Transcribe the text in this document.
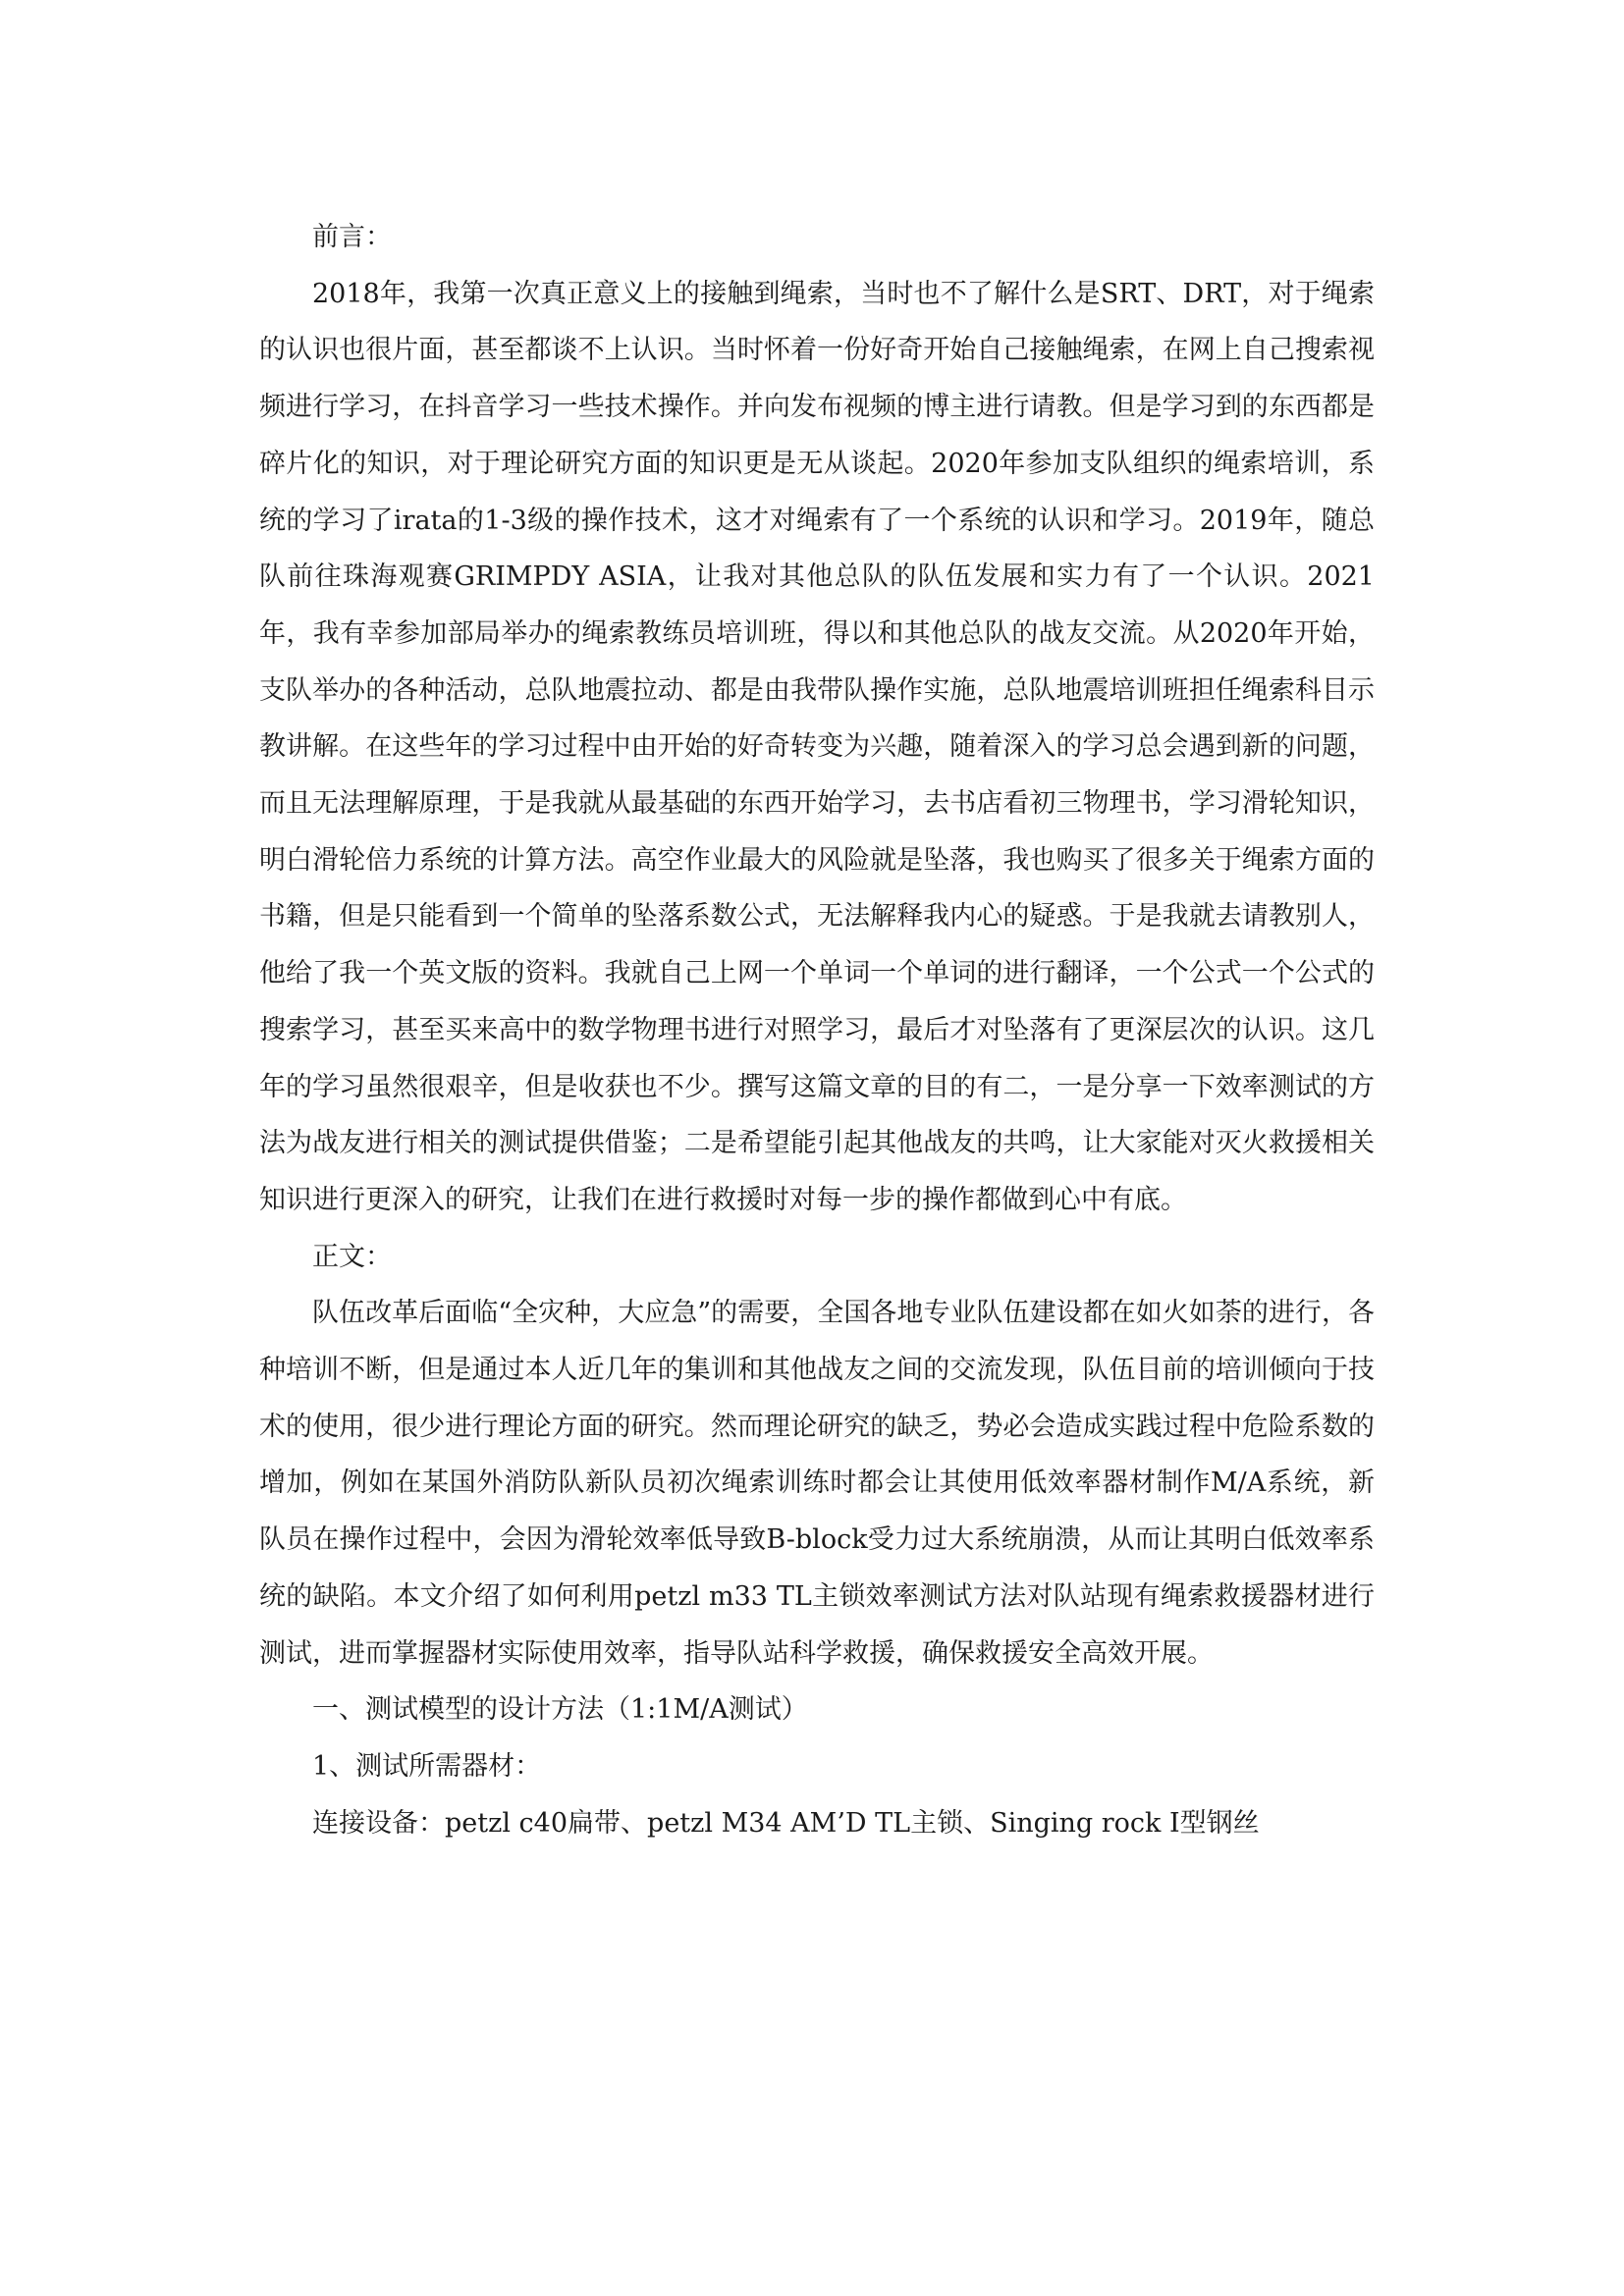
前言：

2018年，我第一次真正意义上的接触到绳索，当时也不了解什么是SRT、DRT，对于绳索的认识也很片面，甚至都谈不上认识。当时怀着一份好奇开始自己接触绳索，在网上自己搜索视频进行学习，在抖音学习一些技术操作。并向发布视频的博主进行请教。但是学习到的东西都是碎片化的知识，对于理论研究方面的知识更是无从谈起。2020年参加支队组织的绳索培训，系统的学习了irata的1-3级的操作技术，这才对绳索有了一个系统的认识和学习。2019年，随总队前往珠海观赛GRIMPDY ASIA，让我对其他总队的队伍发展和实力有了一个认识。2021年，我有幸参加部局举办的绳索教练员培训班，得以和其他总队的战友交流。从2020年开始，支队举办的各种活动，总队地震拉动、都是由我带队操作实施，总队地震培训班担任绳索科目示教讲解。在这些年的学习过程中由开始的好奇转变为兴趣，随着深入的学习总会遇到新的问题，而且无法理解原理，于是我就从最基础的东西开始学习，去书店看初三物理书，学习滑轮知识，明白滑轮倍力系统的计算方法。高空作业最大的风险就是坠落，我也购买了很多关于绳索方面的书籍，但是只能看到一个简单的坠落系数公式，无法解释我内心的疑惑。于是我就去请教别人，他给了我一个英文版的资料。我就自己上网一个单词一个单词的进行翻译，一个公式一个公式的搜索学习，甚至买来高中的数学物理书进行对照学习，最后才对坠落有了更深层次的认识。这几年的学习虽然很艰辛，但是收获也不少。撰写这篇文章的目的有二，一是分享一下效率测试的方法为战友进行相关的测试提供借鉴；二是希望能引起其他战友的共鸣，让大家能对灭火救援相关知识进行更深入的研究，让我们在进行救援时对每一步的操作都做到心中有底。

正文：

队伍改革后面临“全灾种，大应急”的需要，全国各地专业队伍建设都在如火如荼的进行，各种培训不断，但是通过本人近几年的集训和其他战友之间的交流发现，队伍目前的培训倾向于技术的使用，很少进行理论方面的研究。然而理论研究的缺乏，势必会造成实践过程中危险系数的增加，例如在某国外消防队新队员初次绳索训练时都会让其使用低效率器材制作M/A系统，新队员在操作过程中，会因为滑轮效率低导致B-block受力过大系统崩溃，从而让其明白低效率系统的缺陷。本文介绍了如何利用petzl m33 TL主锁效率测试方法对队站现有绳索救援器材进行测试，进而掌握器材实际使用效率，指导队站科学救援，确保救援安全高效开展。

一、测试模型的设计方法（1:1M/A测试）

1、测试所需器材：

连接设备：petzl c40扁带、petzl M34 AM’D TL主锁、Singing rock I型钢丝
